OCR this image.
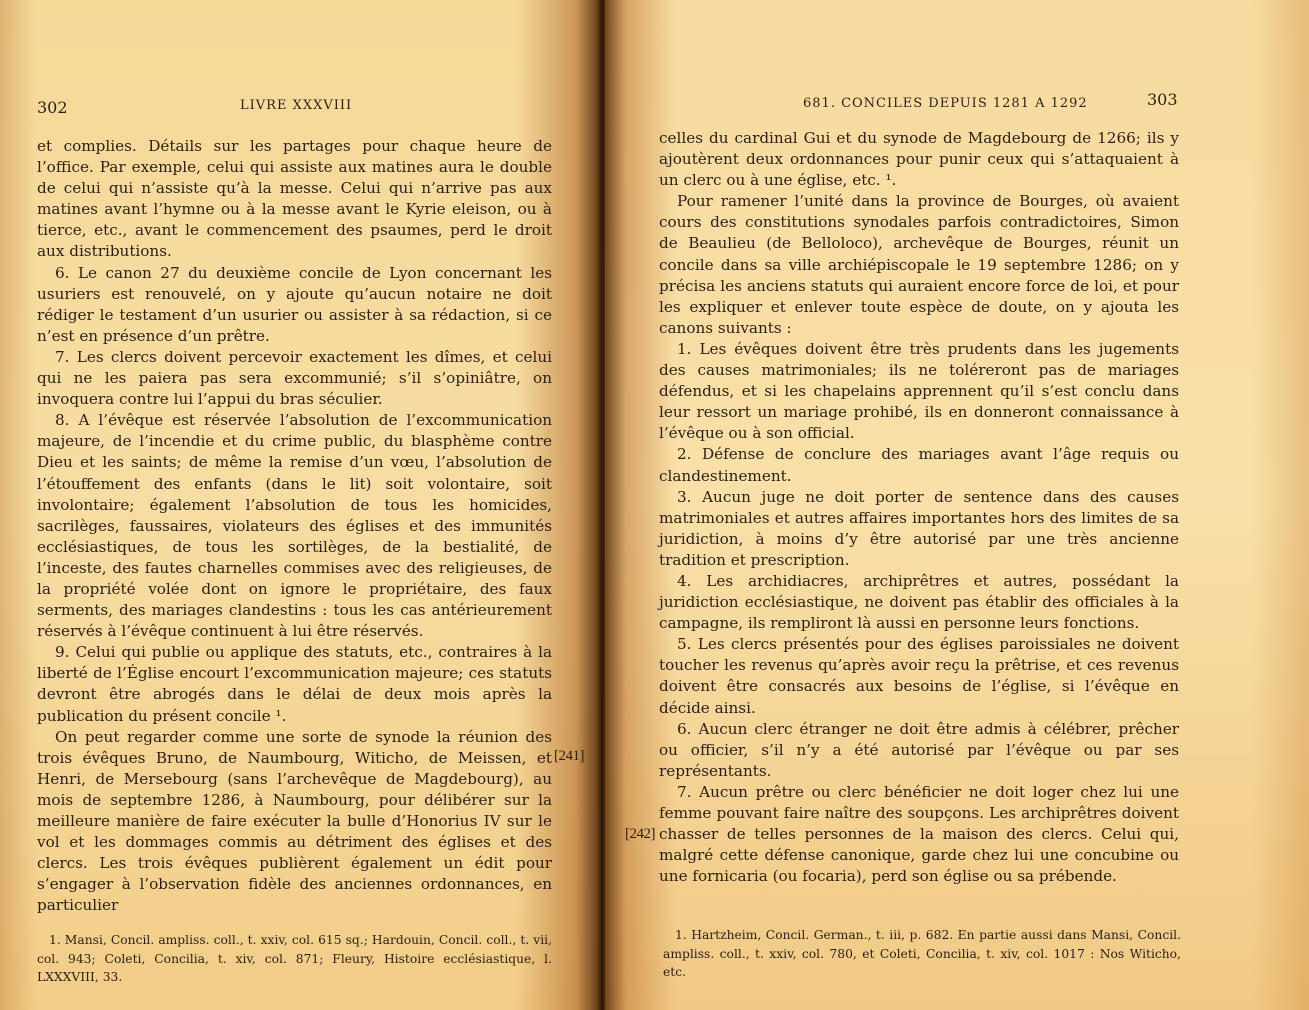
302	LIVRE XXXVIII

et complies. Détails sur les partages pour chaque heure de l’office. Par exemple, celui qui assiste aux matines aura le double de celui qui n’assiste qu’à la messe. Celui qui n’arrive pas aux matines avant l’hymne ou à la messe avant le Kyrie eleison, ou à tierce, etc., avant le commencement des psaumes, perd le droit aux distributions.

6. Le canon 27 du deuxième concile de Lyon concernant les usuriers est renouvelé, on y ajoute qu’aucun notaire ne doit rédiger le testament d’un usurier ou assister à sa rédaction, si ce n’est en présence d’un prêtre.

7. Les clercs doivent percevoir exactement les dîmes, et celui qui ne les paiera pas sera excommunié; s’il s’opiniâtre, on invoquera contre lui l’appui du bras séculier.

8. A l’évêque est réservée l’absolution de l’excommunication majeure, de l’incendie et du crime public, du blasphème contre Dieu et les saints; de même la remise d’un vœu, l’absolution de l’étouffement des enfants (dans le lit) soit volontaire, soit involontaire; également l’absolution de tous les homicides, sacrilèges, faussaires, violateurs des églises et des immunités ecclésiastiques, de tous les sortilèges, de la bestialité, de l’inceste, des fautes charnelles commises avec des religieuses, de la propriété volée dont on ignore le propriétaire, des faux serments, des mariages clandestins : tous les cas antérieurement réservés à l’évêque continuent à lui être réservés.

9. Celui qui publie ou applique des statuts, etc., contraires à la liberté de l’Église encourt l’excommunication majeure; ces statuts devront être abrogés dans le délai de deux mois après la publication du présent concile ¹.

On peut regarder comme une sorte de synode la réunion des trois évêques Bruno, de Naumbourg, Witicho, de Meissen, et Henri, de Mersebourg (sans l’archevêque de Magdebourg), au mois de septembre 1286, à Naumbourg, pour délibérer sur la meilleure manière de faire exécuter la bulle d’Honorius IV sur le vol et les dommages commis au détriment des églises et des clercs. Les trois évêques publièrent également un édit pour s’engager à l’observation fidèle des anciennes ordonnances, en particulier

[241]

1. Mansi, Concil. ampliss. coll., t. xxiv, col. 615 sq.; Hardouin, Concil. coll., t. vii, col. 943; Coleti, Concilia, t. xiv, col. 871; Fleury, Histoire ecclésiastique, l. LXXXVIII, 33.

681. CONCILES DEPUIS 1281 A 1292	303

celles du cardinal Gui et du synode de Magdebourg de 1266; ils y ajoutèrent deux ordonnances pour punir ceux qui s’attaquaient à un clerc ou à une église, etc. ¹.

Pour ramener l’unité dans la province de Bourges, où avaient cours des constitutions synodales parfois contradictoires, Simon de Beaulieu (de Belloloco), archevêque de Bourges, réunit un concile dans sa ville archiépiscopale le 19 septembre 1286; on y précisa les anciens statuts qui auraient encore force de loi, et pour les expliquer et enlever toute espèce de doute, on y ajouta les canons suivants :

1. Les évêques doivent être très prudents dans les jugements des causes matrimoniales; ils ne toléreront pas de mariages défendus, et si les chapelains apprennent qu’il s’est conclu dans leur ressort un mariage prohibé, ils en donneront connaissance à l’évêque ou à son official.

2. Défense de conclure des mariages avant l’âge requis ou clandestinement.

3. Aucun juge ne doit porter de sentence dans des causes matrimoniales et autres affaires importantes hors des limites de sa juridiction, à moins d’y être autorisé par une très ancienne tradition et prescription.

4. Les archidiacres, archiprêtres et autres, possédant la juridiction ecclésiastique, ne doivent pas établir des officiales à la campagne, ils rempliront là aussi en personne leurs fonctions.

5. Les clercs présentés pour des églises paroissiales ne doivent toucher les revenus qu’après avoir reçu la prêtrise, et ces revenus doivent être consacrés aux besoins de l’église, si l’évêque en décide ainsi.

6. Aucun clerc étranger ne doit être admis à célébrer, prêcher ou officier, s’il n’y a été autorisé par l’évêque ou par ses représentants.

7. Aucun prêtre ou clerc bénéficier ne doit loger chez lui une femme pouvant faire naître des soupçons. Les archiprêtres doivent chasser de telles personnes de la maison des clercs. Celui qui, malgré cette défense canonique, garde chez lui une concubine ou une fornicaria (ou focaria), perd son église ou sa prébende.

[242]

1. Hartzheim, Concil. German., t. iii, p. 682. En partie aussi dans Mansi, Concil. ampliss. coll., t. xxiv, col. 780, et Coleti, Concilia, t. xiv, col. 1017 : Nos Witicho, etc.
